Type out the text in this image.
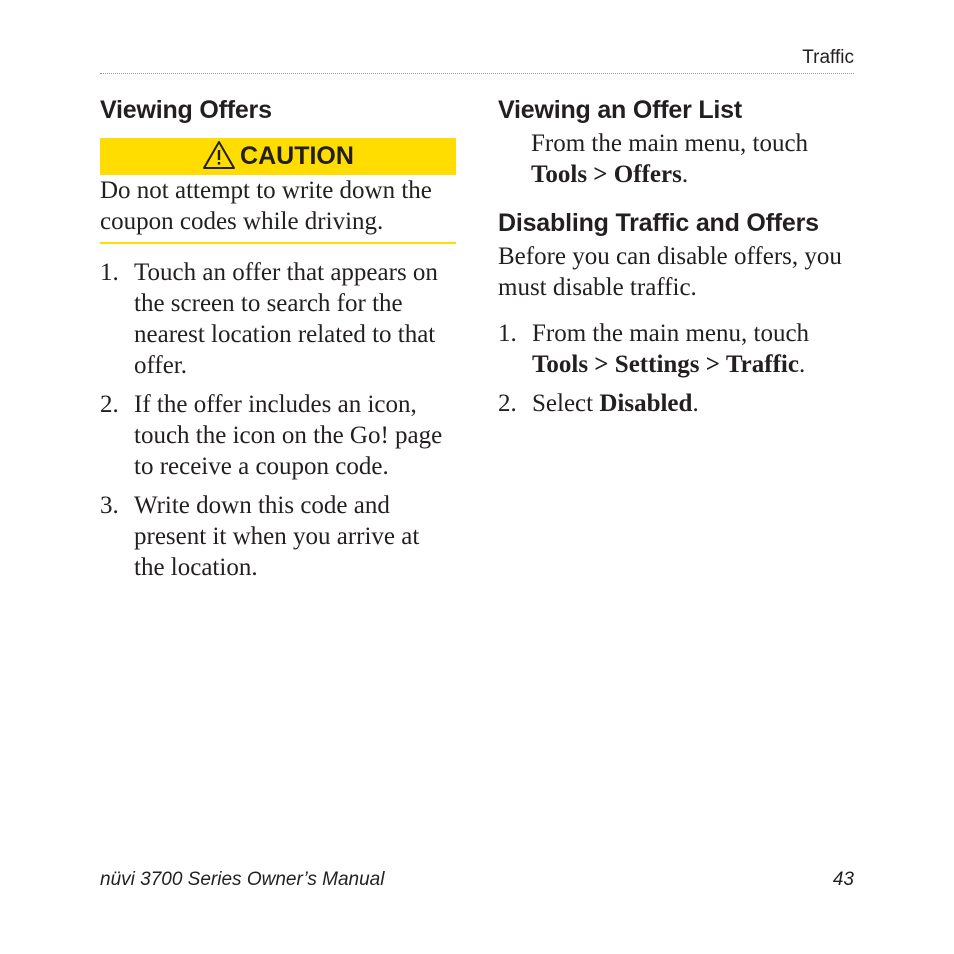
Traffic
Viewing Offers
CAUTION

Do not attempt to write down the coupon codes while driving.

1. Touch an offer that appears on the screen to search for the nearest location related to that offer.
2. If the offer includes an icon, touch the icon on the Go! page to receive a coupon code.
3. Write down this code and present it when you arrive at the location.
Viewing an Offer List

From the main menu, touch Tools > Offers.

Disabling Traffic and Offers

Before you can disable offers, you must disable traffic.

1. From the main menu, touch Tools > Settings > Traffic.
2. Select Disabled.
nüvi 3700 Series Owner’s Manual	43
